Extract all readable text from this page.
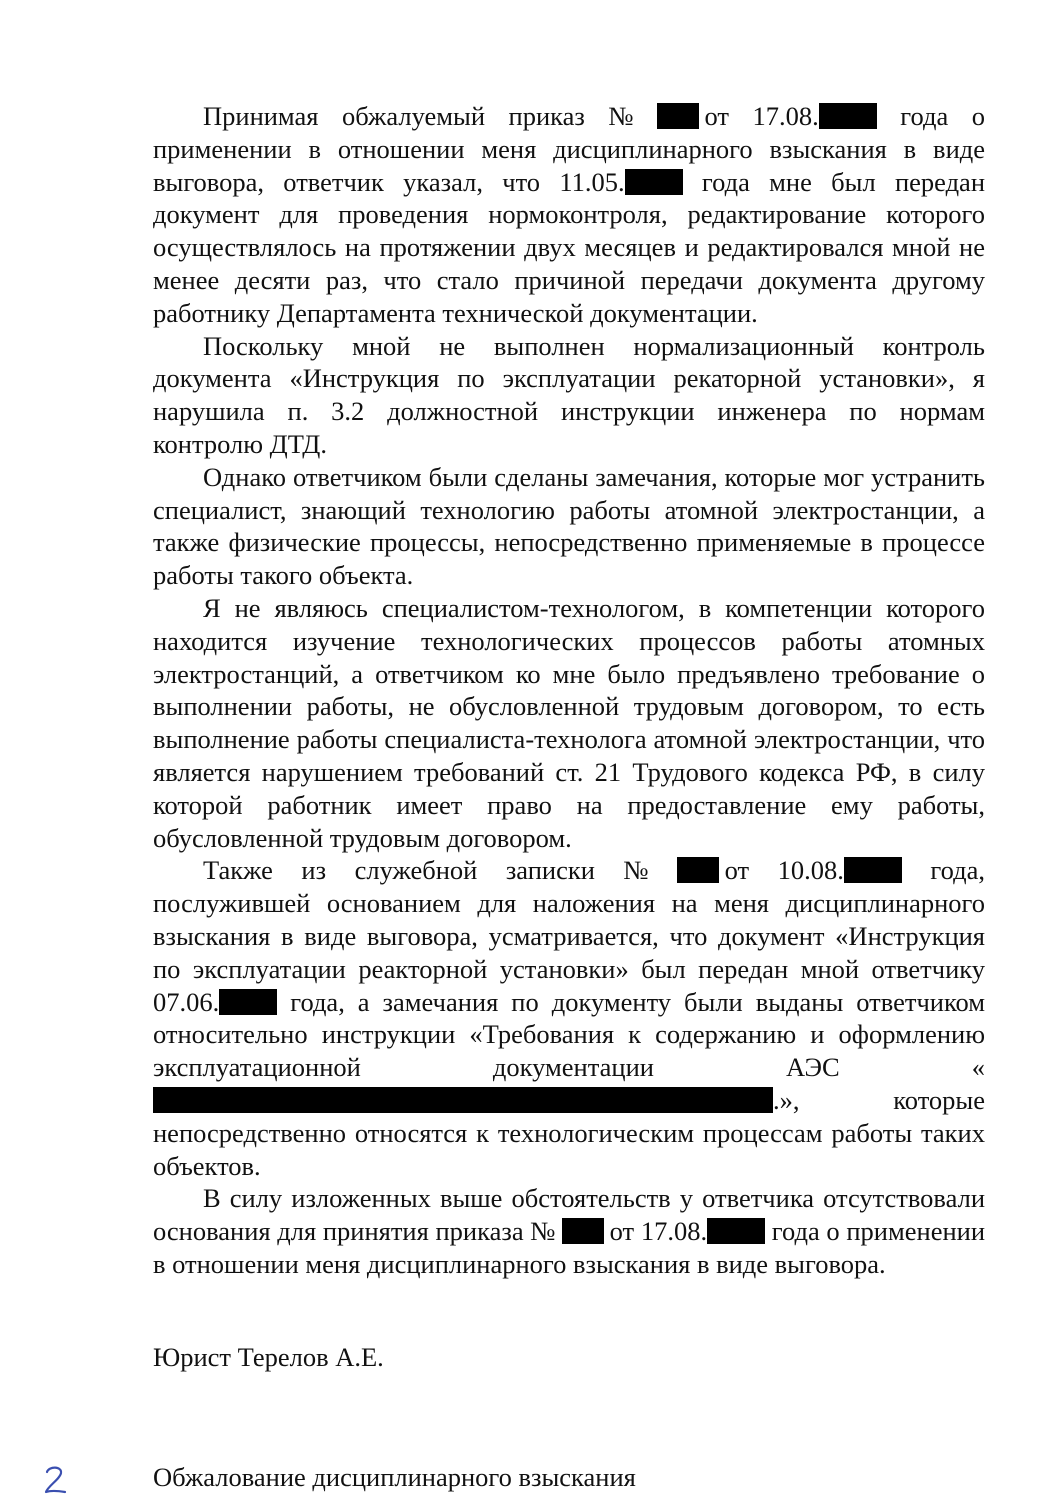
Принимая обжалуемый приказ № от 17.08.	года о применении в отношении меня дисциплинарного взыскания в виде выговора, ответчик указал, что 11.05.	года мне был передан документ для проведения нормоконтроля, редактирование которого осуществлялось на протяжении двух месяцев и редактировался мной не менее десяти раз, что стало причиной передачи документа другому работнику Департамента технической документации.

Поскольку мной не выполнен нормализационный контроль документа «Инструкция по эксплуатации рекаторной установки», я нарушила п. 3.2 должностной инструкции инженера по нормам контролю ДТД.

Однако ответчиком были сделаны замечания, которые мог устранить специалист, знающий технологию работы атомной электростанции, а также физические процессы, непосредственно применяемые в процессе работы такого объекта.

Я не являюсь специалистом-технологом, в компетенции которого находится изучение технологических процессов работы атомных электростанций, а ответчиком ко мне было предъявлено требование о выполнении работы, не обусловленной трудовым договором, то есть выполнение работы специалиста-технолога атомной электростанции, что является нарушением требований ст. 21 Трудового кодекса РФ, в силу которой работник имеет право на предоставление ему работы, обусловленной трудовым договором.

Также из служебной записки № от 10.08.	года, послужившей основанием для наложения на меня дисциплинарного взыскания в виде выговора, усматривается, что документ «Инструкция по эксплуатации реакторной установки» был передан мной ответчику 07.06.	года, а замечания по документу были выданы ответчиком относительно инструкции «Требования к содержанию и оформлению эксплуатационной документации АЭС «.», которые непосредственно относятся к технологическим процессам работы таких объектов.

В силу изложенных выше обстоятельств у ответчика отсутствовали основания для принятия приказа № от 17.08. года о применении в отношении меня дисциплинарного взыскания в виде выговора.

Юрист Терелов А.Е.
Обжалование дисциплинарного взыскания
